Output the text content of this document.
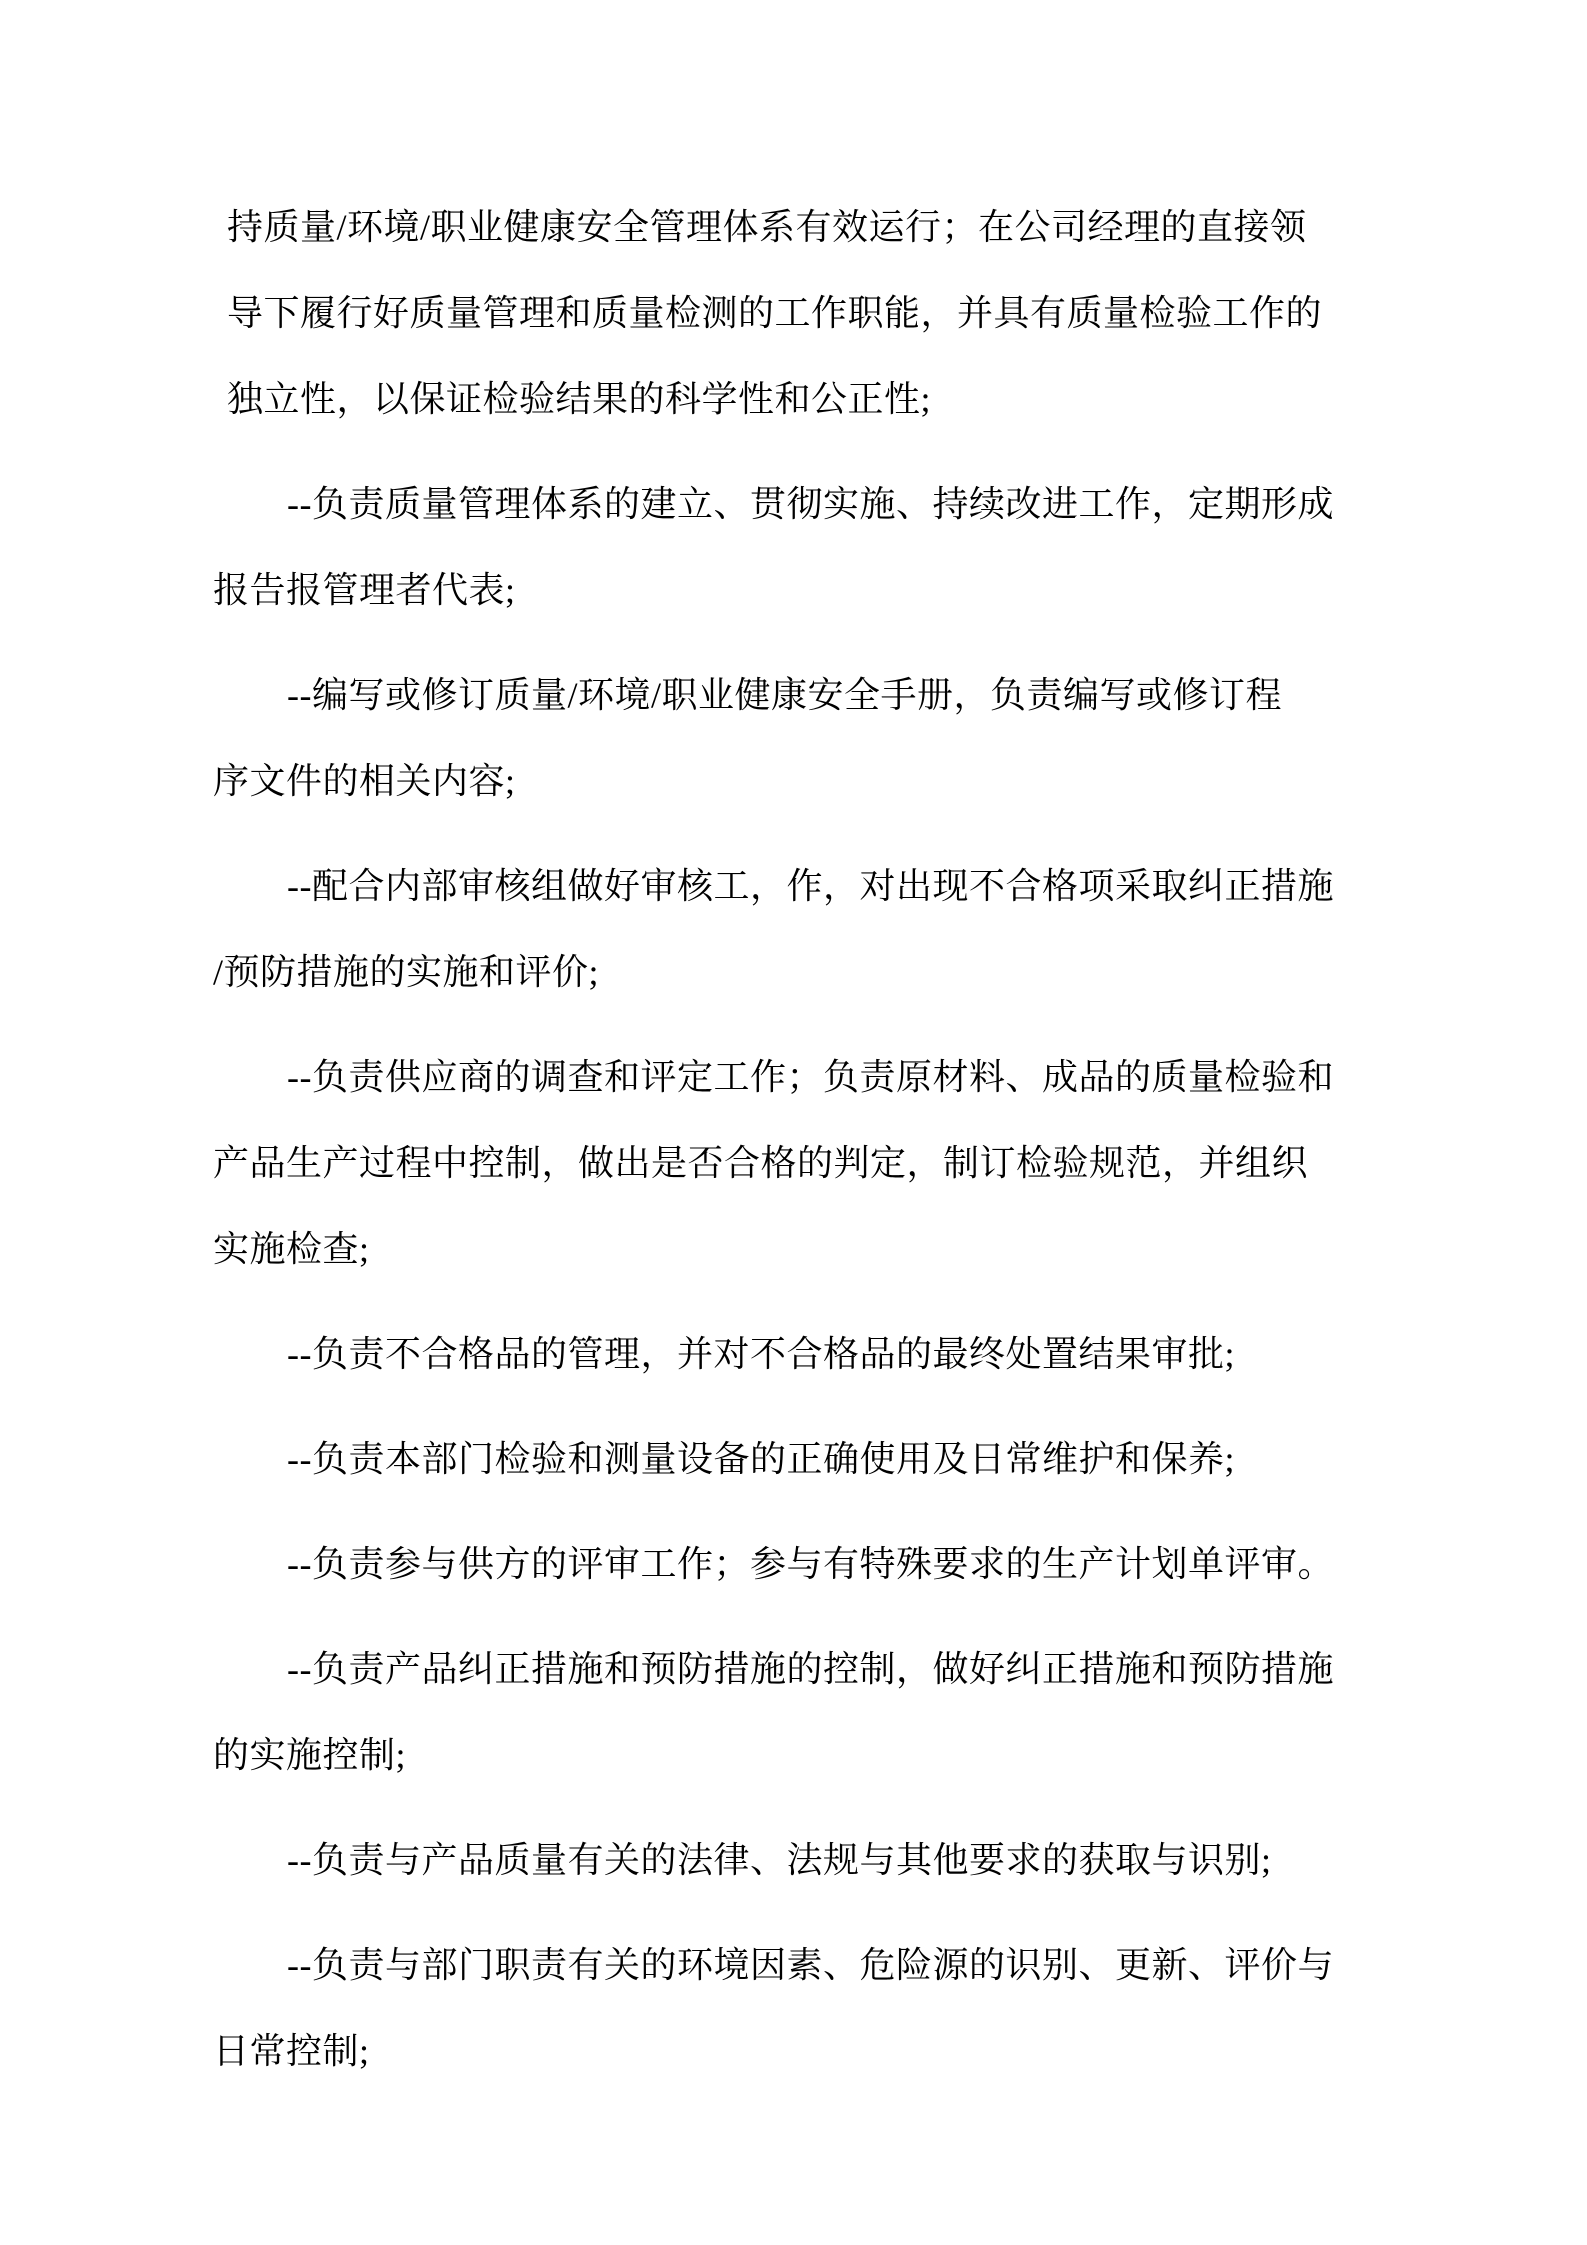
持质量/环境/职业健康安全管理体系有效运行；在公司经理的直接领
导下履行好质量管理和质量检测的工作职能，并具有质量检验工作的
独立性，以保证检验结果的科学性和公正性;
--负责质量管理体系的建立、贯彻实施、持续改进工作，定期形成
报告报管理者代表;
--编写或修订质量/环境/职业健康安全手册，负责编写或修订程
序文件的相关内容;
--配合内部审核组做好审核工，作，对出现不合格项采取纠正措施
/预防措施的实施和评价;
--负责供应商的调查和评定工作；负责原材料、成品的质量检验和
产品生产过程中控制，做出是否合格的判定，制订检验规范，并组织
实施检查;
--负责不合格品的管理，并对不合格品的最终处置结果审批;
--负责本部门检验和测量设备的正确使用及日常维护和保养;
--负责参与供方的评审工作；参与有特殊要求的生产计划单评审。
--负责产品纠正措施和预防措施的控制，做好纠正措施和预防措施
的实施控制;
--负责与产品质量有关的法律、法规与其他要求的获取与识别;
--负责与部门职责有关的环境因素、危险源的识别、更新、评价与
日常控制;
